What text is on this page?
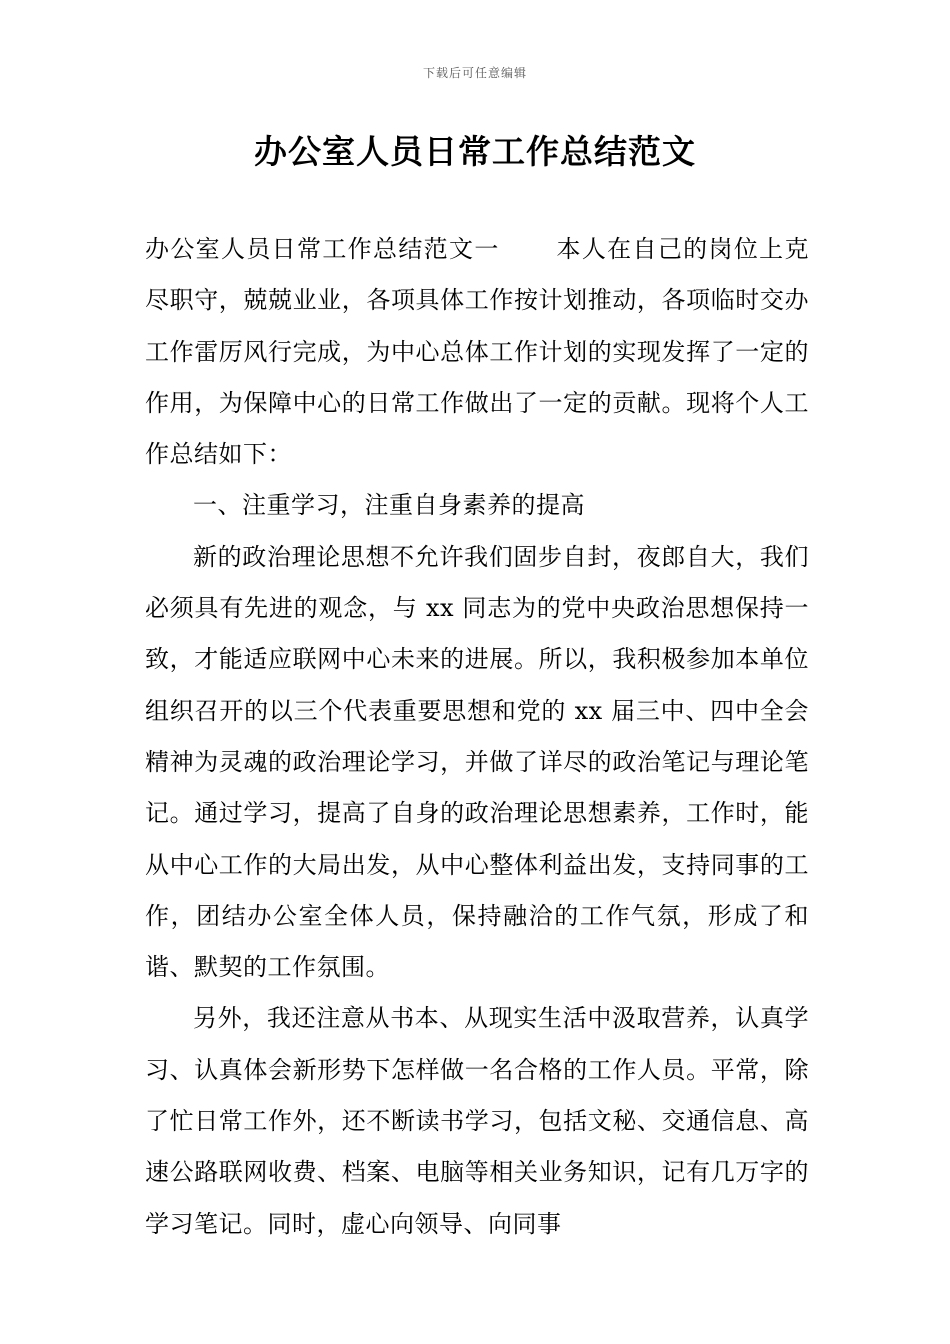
下载后可任意编辑
办公室人员日常工作总结范文

办公室人员日常工作总结范文一 本人在自己的岗位上克尽职守，兢兢业业，各项具体工作按计划推动，各项临时交办工作雷厉风行完成，为中心总体工作计划的实现发挥了一定的作用，为保障中心的日常工作做出了一定的贡献。现将个人工作总结如下：

一、注重学习，注重自身素养的提高

新的政治理论思想不允许我们固步自封，夜郎自大，我们必须具有先进的观念，与 xx 同志为的党中央政治思想保持一致，才能适应联网中心未来的进展。所以，我积极参加本单位组织召开的以三个代表重要思想和党的 xx 届三中、四中全会精神为灵魂的政治理论学习，并做了详尽的政治笔记与理论笔记。通过学习，提高了自身的政治理论思想素养，工作时，能从中心工作的大局出发，从中心整体利益出发，支持同事的工作，团结办公室全体人员，保持融洽的工作气氛，形成了和谐、默契的工作氛围。

另外，我还注意从书本、从现实生活中汲取营养，认真学习、认真体会新形势下怎样做一名合格的工作人员。平常，除了忙日常工作外，还不断读书学习，包括文秘、交通信息、高速公路联网收费、档案、电脑等相关业务知识，记有几万字的学习笔记。同时，虚心向领导、向同事
